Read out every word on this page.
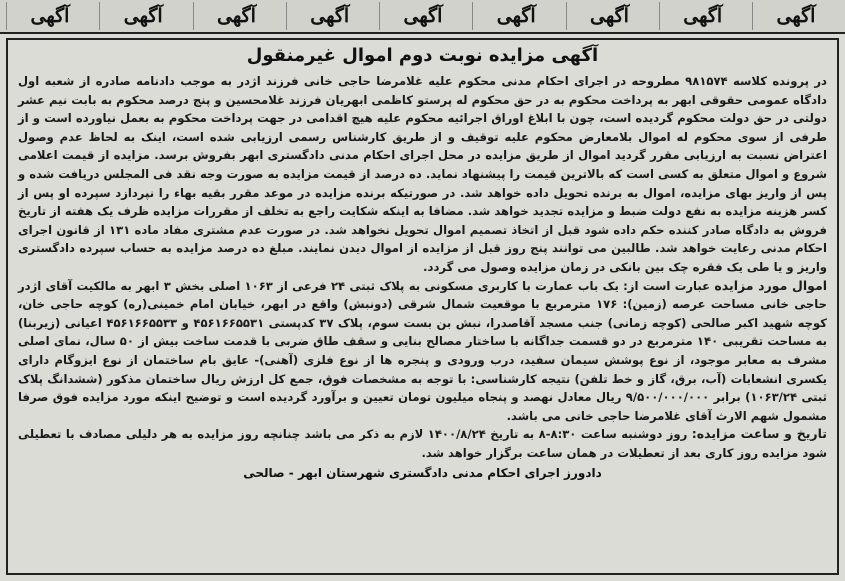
آگهی
آگهی
آگهی
آگهی
آگهی
آگهی
آگهی
آگهی
آگهی
آگهی مزایده نوبت دوم اموال غیرمنقول

در پرونده کلاسه ۹۸۱۵۷۴ مطروحه در اجرای احکام مدنی محکوم علیه غلامرضا حاجی خانی فرزند اژدر به موجب دادنامه صادره از شعبه اول دادگاه عمومی حقوقی ابهر به پرداخت محکوم به در حق محکوم له پرستو کاظمی ابهریان فرزند غلامحسین و پنج درصد محکوم به بابت نیم عشر دولتی در حق دولت محکوم گردیده است، چون با ابلاغ اوراق اجرائیه محکوم علیه هیچ اقدامی در جهت پرداخت محکوم به بعمل نیاورده است و از طرفی از سوی محکوم له اموال بلامعارض محکوم علیه توقیف و از طریق کارشناس رسمی ارزیابی شده است، اینک به لحاظ عدم وصول اعتراض نسبت به ارزیابی مقرر گردید اموال از طریق مزایده در محل اجرای احکام مدنی دادگستری ابهر بفروش برسد. مزایده از قیمت اعلامی شروع و اموال متعلق به کسی است که بالاترین قیمت را پیشنهاد نماید. ده درصد از قیمت مزایده به صورت وجه نقد فی المجلس دریافت شده و پس از واریز بهای مزایده، اموال به برنده تحویل داده خواهد شد. در صورتیکه برنده مزایده در موعد مقرر بقیه بهاء را نپردازد سپرده او پس از کسر هزینه مزایده به نفع دولت ضبط و مزایده تجدید خواهد شد. مضافا به اینکه شکایت راجع به تخلف از مقررات مزایده ظرف یک هفته از تاریخ فروش به دادگاه صادر کننده حکم داده شود قبل از اتخاذ تصمیم اموال تحویل نخواهد شد. در صورت عدم مشتری مفاد ماده ۱۳۱ از قانون اجرای احکام مدنی رعایت خواهد شد. طالبین می توانند پنج روز قبل از مزایده از اموال دیدن نمایند. مبلغ ده درصد مزایده به حساب سپرده دادگستری واریز و یا طی یک فقره چک بین بانکی در زمان مزایده وصول می گردد.

اموال مورد مزایده عبارت است از: یک باب عمارت با کاربری مسکونی به پلاک ثبتی ۲۴ فرعی از ۱۰۶۳ اصلی بخش ۳ ابهر به مالکیت آقای اژدر حاجی خانی مساحت عرصه (زمین): ۱۷۶ مترمربع با موقعیت شمال شرقی (دونبش) واقع در ابهر، خیابان امام خمینی(ره) کوچه حاجی خان، کوچه شهید اکبر صالحی (کوچه زمانی) جنب مسجد آقاصدرا، نبش بن بست سوم، پلاک ۳۷ کدپستی ۴۵۶۱۶۶۵۵۳۱ و ۴۵۶۱۶۶۵۵۳۳ اعیانی (زیربنا) به مساحت تقریبی ۱۴۰ مترمربع در دو قسمت جداگانه با ساختار مصالح بنایی و سقف طاق ضربی با قدمت ساخت بیش از ۵۰ سال، نمای اصلی مشرف به معابر موجود، از نوع پوشش سیمان سفید، درب ورودی و پنجره ها از نوع فلزی (آهنی)- عایق بام ساختمان از نوع ایزوگام دارای یکسری انشعابات (آب، برق، گاز و خط تلفن) نتیجه کارشناسی: با توجه به مشخصات فوق، جمع کل ارزش ریال ساختمان مذکور (ششدانگ پلاک ثبتی ۱۰۶۳/۲۴) برابر ۹/۵۰۰/۰۰۰/۰۰۰ ریال معادل نهصد و پنجاه میلیون تومان تعیین و برآورد گردیده است و توضیح اینکه مورد مزایده فوق صرفا مشمول شهم الارث آقای غلامرضا حاجی خانی می باشد.

تاریخ و ساعت مزایده: روز دوشنبه ساعت ۸:۳۰-۸ به تاریخ ۱۴۰۰/۸/۲۴ لازم به ذکر می باشد چنانچه روز مزایده به هر دلیلی مصادف با تعطیلی شود مزایده روز کاری بعد از تعطیلات در همان ساعت برگزار خواهد شد.

دادورز اجرای احکام مدنی دادگستری شهرستان ابهر - صالحی
